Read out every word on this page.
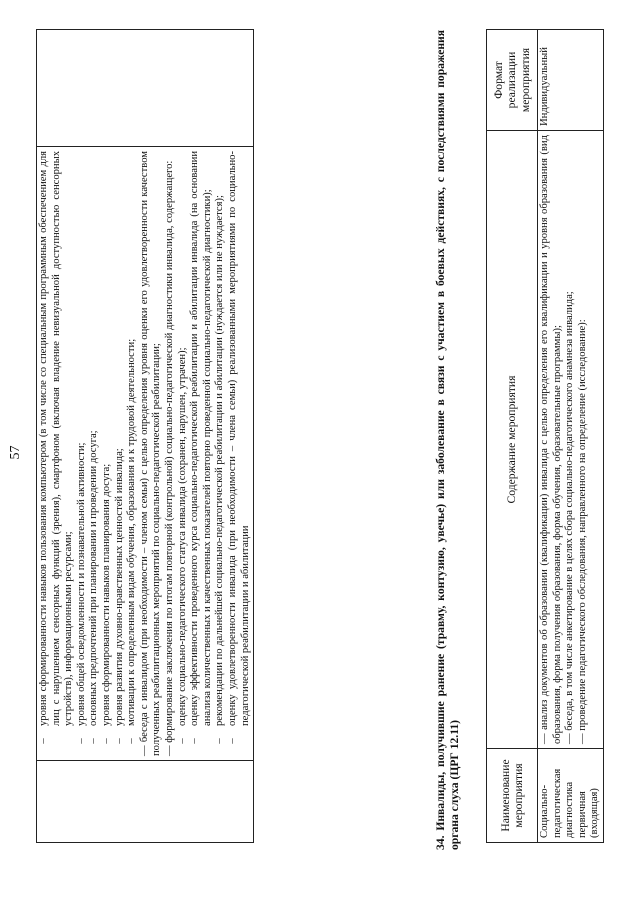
57

–
уровня сформированности навыков пользования компьютером (в том числе со специальным программным обеспечением для лиц с нарушением сенсорных функций (зрения), смартфоном (включая владение невизуальной доступностью сенсорных устройств), информационными ресурсами;
–
уровня общей осведомленности и познавательной активности;
–
основных предпочтений при планировании и проведении досуга;
–
уровня сформированности навыков планирования досуга;
–
уровня развития духовно-нравственных ценностей инвалида;
–
мотивации к определенным видам обучения, образования и к трудовой деятельности; — беседа с инвалидом (при необходимости – членом семьи) с целью определения уровня оценки его удовлетворенности качеством полученных реабилитационных мероприятий по социально-педагогической реабилитации; — формирование заключения по итогам повторной (контрольной) социально-педагогической диагностики инвалида, содержащего: –
оценку социально-педагогического статуса инвалида (сохранен, нарушен, утрачен);
–
оценку эффективности проведенного курса социально-педагогической реабилитации и абилитации инвалида (на основании анализа количественных и качественных показателей повторно проведенной социально-педагогической диагностики);
–
рекомендации по дальнейшей социально-педагогической реабилитации и абилитации (нуждается или не нуждается);
–
оценку удовлетворенности инвалида (при необходимости – члена семьи) реализованными мероприятиями по социально-педагогической реабилитации и абилитации
		34. Инвалиды, получившие ранение (травму, контузию, увечье) или заболевание в связи с участием в боевых действиях, с последствиями поражения органа слуха (ЦРГ 12.11)	Наименование мероприятия	Содержание мероприятия	Формат реализации мероприятия
Социально-педагогическая диагностика первичная (входящая)	— анализ документов об образовании (квалификации) инвалида с целью определения его квалификации и уровня образования (вид образования, форма получения образования, форма обучения, образовательные программы); — беседа, в том числе анкетирование в целях сбора социально-педагогического анамнеза инвалида; — проведение педагогического обследования, направленного на определение (исследование):	Индивидуальный
